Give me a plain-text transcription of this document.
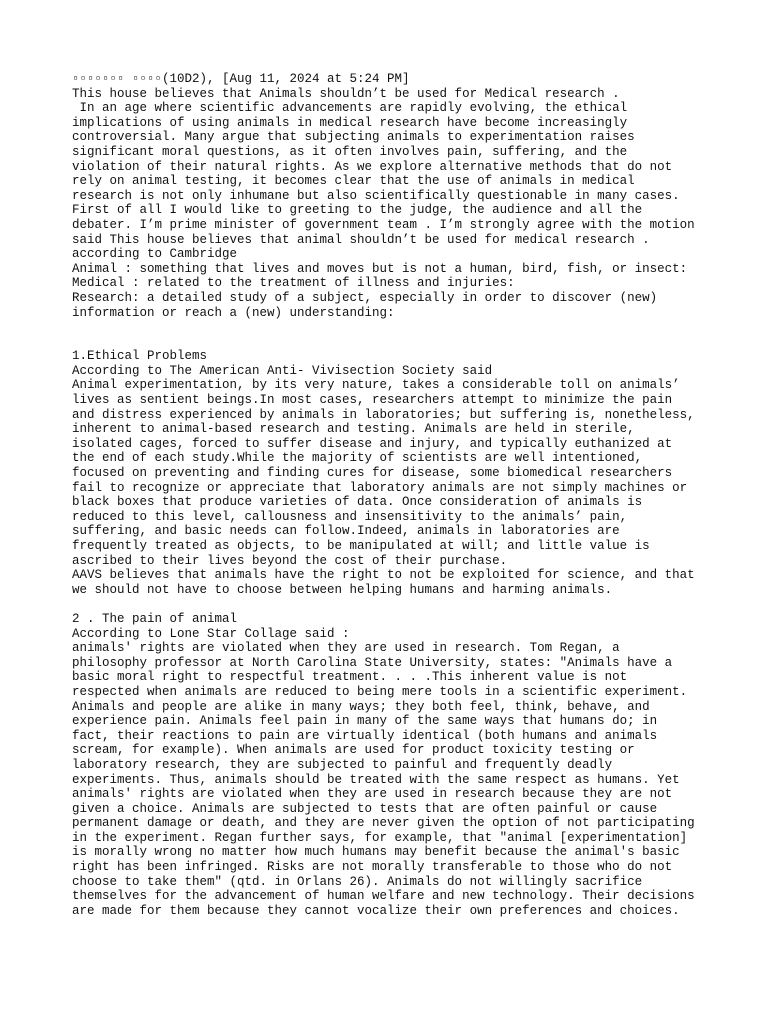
▫▫▫▫▫▫▫ ▫▫▫▫(10D2), [Aug 11, 2024 at 5:24 PM]
This house believes that Animals shouldn’t be used for Medical research .
In an age where scientific advancements are rapidly evolving, the ethical
implications of using animals in medical research have become increasingly
controversial. Many argue that subjecting animals to experimentation raises
significant moral questions, as it often involves pain, suffering, and the
violation of their natural rights. As we explore alternative methods that do not
rely on animal testing, it becomes clear that the use of animals in medical
research is not only inhumane but also scientifically questionable in many cases.
First of all I would like to greeting to the judge, the audience and all the
debater. I’m prime minister of government team . I’m strongly agree with the motion
said This house believes that animal shouldn’t be used for medical research .
according to Cambridge
Animal : something that lives and moves but is not a human, bird, fish, or insect:
Medical : related to the treatment of illness and injuries:
Research: a detailed study of a subject, especially in order to discover (new)
information or reach a (new) understanding:
1.Ethical Problems
According to The American Anti- Vivisection Society said
Animal experimentation, by its very nature, takes a considerable toll on animals’
lives as sentient beings.In most cases, researchers attempt to minimize the pain
and distress experienced by animals in laboratories; but suffering is, nonetheless,
inherent to animal-based research and testing. Animals are held in sterile,
isolated cages, forced to suffer disease and injury, and typically euthanized at
the end of each study.While the majority of scientists are well intentioned,
focused on preventing and finding cures for disease, some biomedical researchers
fail to recognize or appreciate that laboratory animals are not simply machines or
black boxes that produce varieties of data. Once consideration of animals is
reduced to this level, callousness and insensitivity to the animals’ pain,
suffering, and basic needs can follow.Indeed, animals in laboratories are
frequently treated as objects, to be manipulated at will; and little value is
ascribed to their lives beyond the cost of their purchase.
AAVS believes that animals have the right to not be exploited for science, and that
we should not have to choose between helping humans and harming animals.
2 . The pain of animal
According to Lone Star Collage said :
animals' rights are violated when they are used in research. Tom Regan, a
philosophy professor at North Carolina State University, states: "Animals have a
basic moral right to respectful treatment. . . .This inherent value is not
respected when animals are reduced to being mere tools in a scientific experiment.
Animals and people are alike in many ways; they both feel, think, behave, and
experience pain. Animals feel pain in many of the same ways that humans do; in
fact, their reactions to pain are virtually identical (both humans and animals
scream, for example). When animals are used for product toxicity testing or
laboratory research, they are subjected to painful and frequently deadly
experiments. Thus, animals should be treated with the same respect as humans. Yet
animals' rights are violated when they are used in research because they are not
given a choice. Animals are subjected to tests that are often painful or cause
permanent damage or death, and they are never given the option of not participating
in the experiment. Regan further says, for example, that "animal [experimentation]
is morally wrong no matter how much humans may benefit because the animal's basic
right has been infringed. Risks are not morally transferable to those who do not
choose to take them" (qtd. in Orlans 26). Animals do not willingly sacrifice
themselves for the advancement of human welfare and new technology. Their decisions
are made for them because they cannot vocalize their own preferences and choices.
